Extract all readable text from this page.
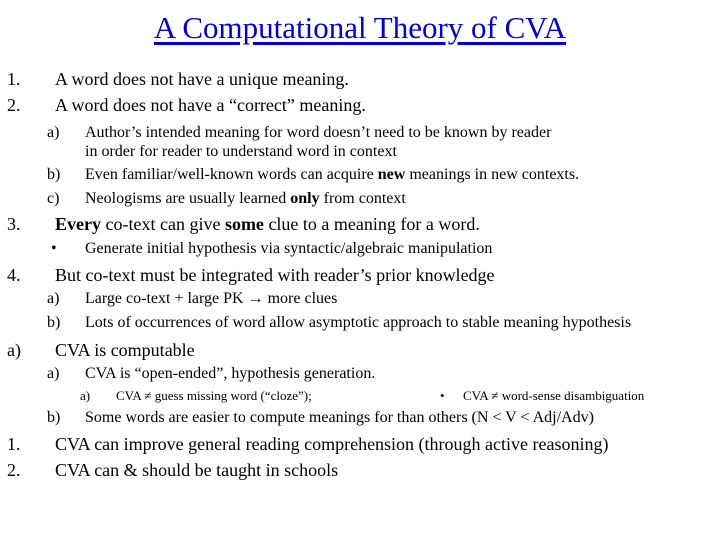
A Computational Theory of CVA
1. A word does not have a unique meaning.
2. A word does not have a “correct” meaning.
a) Author’s intended meaning for word doesn’t need to be known by reader
in order for reader to understand word in context
b) Even familiar/well-known words can acquire new meanings in new contexts.
c) Neologisms are usually learned only from context
3. Every co-text can give some clue to a meaning for a word.
• Generate initial hypothesis via syntactic/algebraic manipulation
4. But co-text must be integrated with reader’s prior knowledge
a) Large co-text + large PK → more clues
b) Lots of occurrences of word allow asymptotic approach to stable meaning hypothesis
a) CVA is computable
a) CVA is “open-ended”, hypothesis generation.
a) CVA ≠ guess missing word (“cloze”);	• CVA ≠ word-sense disambiguation
b) Some words are easier to compute meanings for than others (N < V < Adj/Adv)
1. CVA can improve general reading comprehension (through active reasoning)
2. CVA can & should be taught in schools
